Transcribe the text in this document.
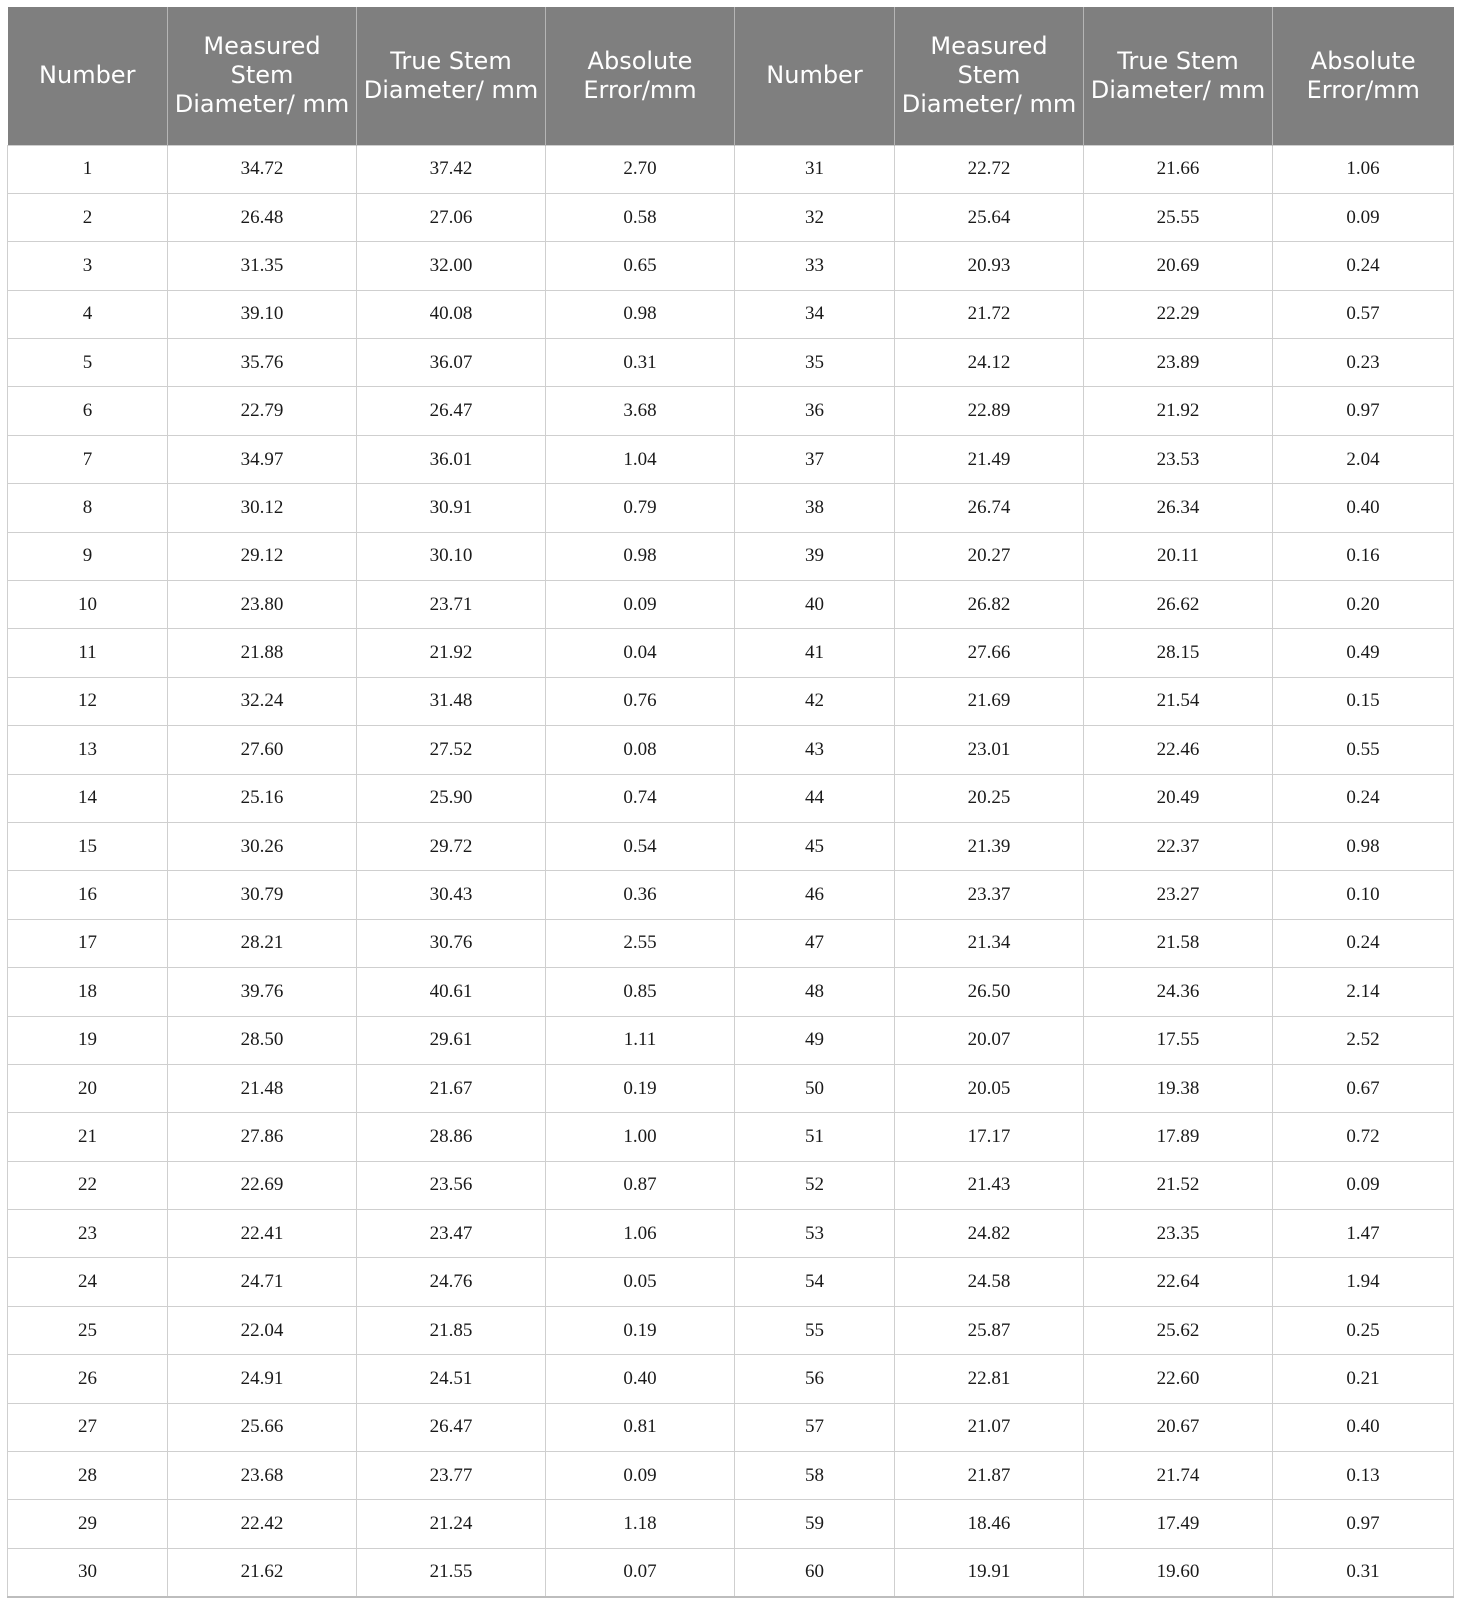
Number	Measured Stem Diameter/ mm	True Stem Diameter/ mm	Absolute Error/mm	Number	Measured Stem Diameter/ mm	True Stem Diameter/ mm	Absolute Error/mm
1	34.72	37.42	2.70	31	22.72	21.66	1.06
2	26.48	27.06	0.58	32	25.64	25.55	0.09
3	31.35	32.00	0.65	33	20.93	20.69	0.24
4	39.10	40.08	0.98	34	21.72	22.29	0.57
5	35.76	36.07	0.31	35	24.12	23.89	0.23
6	22.79	26.47	3.68	36	22.89	21.92	0.97
7	34.97	36.01	1.04	37	21.49	23.53	2.04
8	30.12	30.91	0.79	38	26.74	26.34	0.40
9	29.12	30.10	0.98	39	20.27	20.11	0.16
10	23.80	23.71	0.09	40	26.82	26.62	0.20
11	21.88	21.92	0.04	41	27.66	28.15	0.49
12	32.24	31.48	0.76	42	21.69	21.54	0.15
13	27.60	27.52	0.08	43	23.01	22.46	0.55
14	25.16	25.90	0.74	44	20.25	20.49	0.24
15	30.26	29.72	0.54	45	21.39	22.37	0.98
16	30.79	30.43	0.36	46	23.37	23.27	0.10
17	28.21	30.76	2.55	47	21.34	21.58	0.24
18	39.76	40.61	0.85	48	26.50	24.36	2.14
19	28.50	29.61	1.11	49	20.07	17.55	2.52
20	21.48	21.67	0.19	50	20.05	19.38	0.67
21	27.86	28.86	1.00	51	17.17	17.89	0.72
22	22.69	23.56	0.87	52	21.43	21.52	0.09
23	22.41	23.47	1.06	53	24.82	23.35	1.47
24	24.71	24.76	0.05	54	24.58	22.64	1.94
25	22.04	21.85	0.19	55	25.87	25.62	0.25
26	24.91	24.51	0.40	56	22.81	22.60	0.21
27	25.66	26.47	0.81	57	21.07	20.67	0.40
28	23.68	23.77	0.09	58	21.87	21.74	0.13
29	22.42	21.24	1.18	59	18.46	17.49	0.97
30	21.62	21.55	0.07	60	19.91	19.60	0.31
